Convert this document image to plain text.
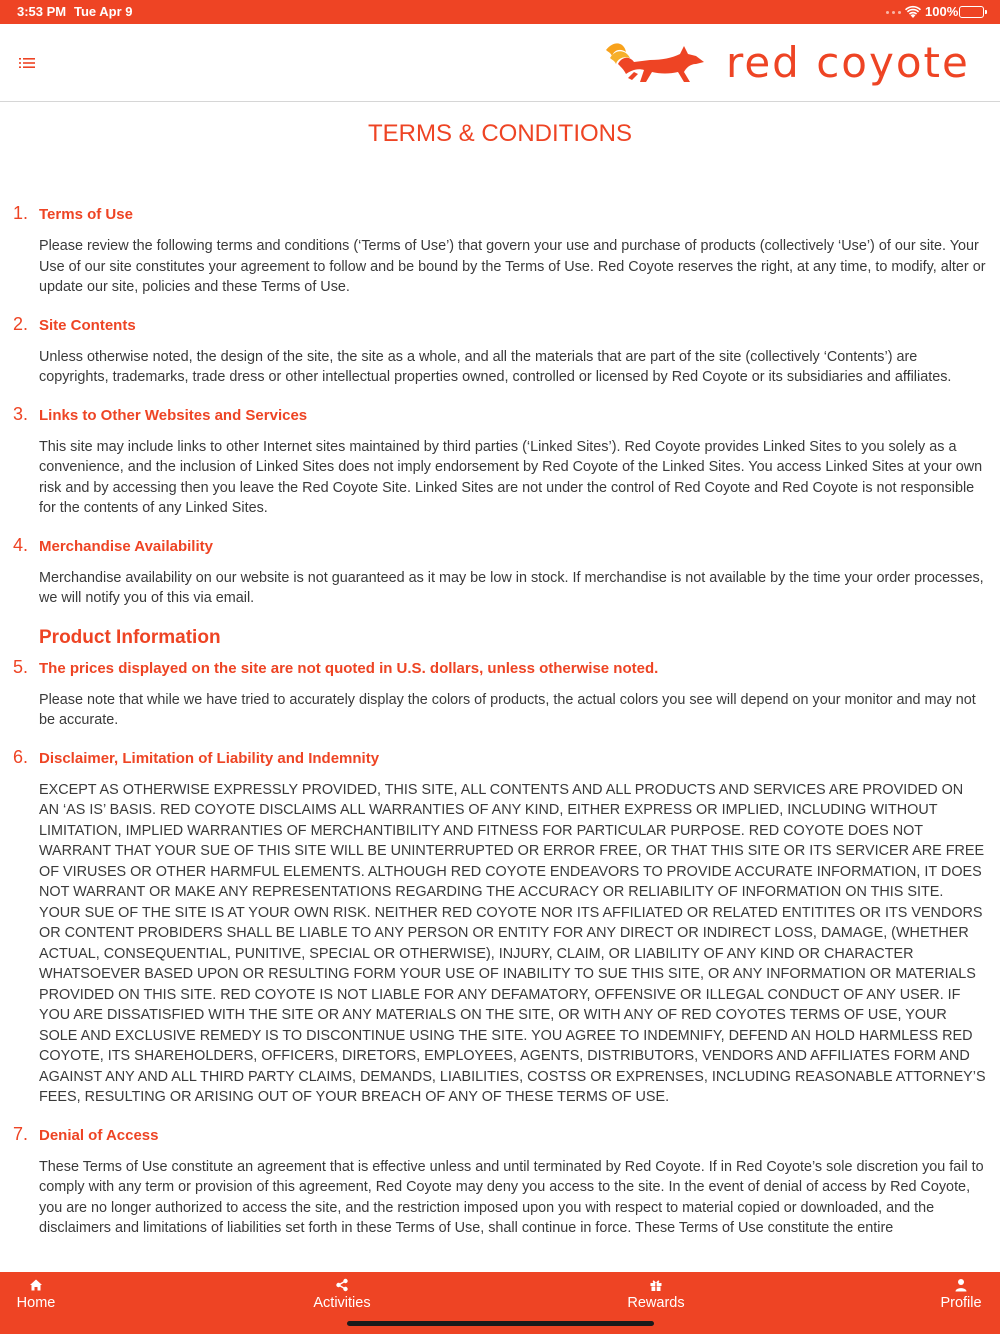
3:53 PM Tue Apr 9	100%
red coyote
TERMS & CONDITIONS
1. Terms of Use

Please review the following terms and conditions (‘Terms of Use’) that govern your use and purchase of products (collectively ‘Use’) of our site. Your Use of our site constitutes your agreement to follow and be bound by the Terms of Use. Red Coyote reserves the right, at any time, to modify, alter or update our site, policies and these Terms of Use.

2. Site Contents

Unless otherwise noted, the design of the site, the site as a whole, and all the materials that are part of the site (collectively ‘Contents’) are copyrights, trademarks, trade dress or other intellectual properties owned, controlled or licensed by Red Coyote or its subsidiaries and affiliates.

3. Links to Other Websites and Services

This site may include links to other Internet sites maintained by third parties (‘Linked Sites’). Red Coyote provides Linked Sites to you solely as a convenience, and the inclusion of Linked Sites does not imply endorsement by Red Coyote of the Linked Sites. You access Linked Sites at your own risk and by accessing then you leave the Red Coyote Site. Linked Sites are not under the control of Red Coyote and Red Coyote is not responsible for the contents of any Linked Sites.

4. Merchandise Availability

Merchandise availability on our website is not guaranteed as it may be low in stock. If merchandise is not available by the time your order processes, we will notify you of this via email.

Product Information
5. The prices displayed on the site are not quoted in U.S. dollars, unless otherwise noted.

Please note that while we have tried to accurately display the colors of products, the actual colors you see will depend on your monitor and may not be accurate.

6. Disclaimer, Limitation of Liability and Indemnity

EXCEPT AS OTHERWISE EXPRESSLY PROVIDED, THIS SITE, ALL CONTENTS AND ALL PRODUCTS AND SERVICES ARE PROVIDED ON AN ‘AS IS’ BASIS. RED COYOTE DISCLAIMS ALL WARRANTIES OF ANY KIND, EITHER EXPRESS OR IMPLIED, INCLUDING WITHOUT LIMITATION, IMPLIED WARRANTIES OF MERCHANTIBILITY AND FITNESS FOR PARTICULAR PURPOSE. RED COYOTE DOES NOT WARRANT THAT YOUR SUE OF THIS SITE WILL BE UNINTERRUPTED OR ERROR FREE, OR THAT THIS SITE OR ITS SERVICER ARE FREE OF VIRUSES OR OTHER HARMFUL ELEMENTS. ALTHOUGH RED COYOTE ENDEAVORS TO PROVIDE ACCURATE INFORMATION, IT DOES NOT WARRANT OR MAKE ANY REPRESENTATIONS REGARDING THE ACCURACY OR RELIABILITY OF INFORMATION ON THIS SITE. YOUR SUE OF THE SITE IS AT YOUR OWN RISK. NEITHER RED COYOTE NOR ITS AFFILIATED OR RELATED ENTITITES OR ITS VENDORS OR CONTENT PROBIDERS SHALL BE LIABLE TO ANY PERSON OR ENTITY FOR ANY DIRECT OR INDIRECT LOSS, DAMAGE, (WHETHER ACTUAL, CONSEQUENTIAL, PUNITIVE, SPECIAL OR OTHERWISE), INJURY, CLAIM, OR LIABILITY OF ANY KIND OR CHARACTER WHATSOEVER BASED UPON OR RESULTING FORM YOUR USE OF INABILITY TO SUE THIS SITE, OR ANY INFORMATION OR MATERIALS PROVIDED ON THIS SITE. RED COYOTE IS NOT LIABLE FOR ANY DEFAMATORY, OFFENSIVE OR ILLEGAL CONDUCT OF ANY USER. IF YOU ARE DISSATISFIED WITH THE SITE OR ANY MATERIALS ON THE SITE, OR WITH ANY OF RED COYOTES TERMS OF USE, YOUR SOLE AND EXCLUSIVE REMEDY IS TO DISCONTINUE USING THE SITE. YOU AGREE TO INDEMNIFY, DEFEND AN HOLD HARMLESS RED COYOTE, ITS SHAREHOLDERS, OFFICERS, DIRETORS, EMPLOYEES, AGENTS, DISTRIBUTORS, VENDORS AND AFFILIATES FORM AND AGAINST ANY AND ALL THIRD PARTY CLAIMS, DEMANDS, LIABILITIES, COSTSS OR EXPRENSES, INCLUDING REASONABLE ATTORNEY’S FEES, RESULTING OR ARISING OUT OF YOUR BREACH OF ANY OF THESE TERMS OF USE.

7. Denial of Access

These Terms of Use constitute an agreement that is effective unless and until terminated by Red Coyote. If in Red Coyote’s sole discretion you fail to comply with any term or provision of this agreement, Red Coyote may deny you access to the site. In the event of denial of access by Red Coyote, you are no longer authorized to access the site, and the restriction imposed upon you with respect to material copied or downloaded, and the disclaimers and limitations of liabilities set forth in these Terms of Use, shall continue in force. These Terms of Use constitute the entire

Home	Activities	Rewards	Profile
